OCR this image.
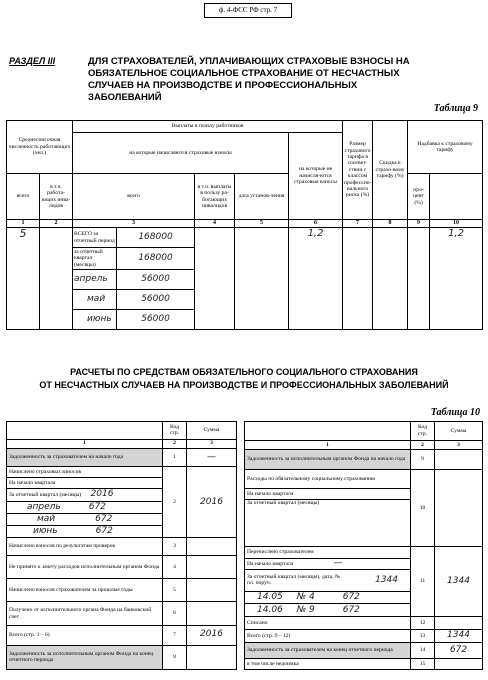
ф. 4-ФСС РФ стр. 7
РАЗДЕЛ III	ДЛЯ СТРАХОВАТЕЛЕЙ, УПЛАЧИВАЮЩИХ СТРАХОВЫЕ ВЗНОСЫ НА ОБЯЗАТЕЛЬНОЕ СОЦИАЛЬНОЕ СТРАХОВАНИЕ ОТ НЕСЧАСТНЫХ СЛУЧАЕВ НА ПРОИЗВОДСТВЕ И ПРОФЕССИОНАЛЬНЫХ ЗАБОЛЕВАНИЙ
Таблица 9
Среднесписочная численность работающих (чел.)		Выплаты в пользу работников					Размер страхового тарифа в соответ-ствии с классом профессио-нального риска (%)	Скидка к страхо-вому тарифу (%)	Надбавка к страховому тарифу	

		на которые начисляются страховые взносы				на которые не начисля-ются страховые взносы					
всего	в т.ч. работа-ющих инва-лидов	всего		в т.ч. выплаты в пользу ра-ботающих инвалидов	дата установ-ления				про-цент (%)		
1	2	3		4	5	6	7	8	9	10	
5		ВСЕГО за отчетный период	168000			1,2				1,2	
		за отчетный квартал (месяцы)	168000								
		апрель	56000								
		май	56000								
		июнь	56000								
РАСЧЕТЫ ПО СРЕДСТВАМ ОБЯЗАТЕЛЬНОГО СОЦИАЛЬНОГО СТРАХОВАНИЯ
ОТ НЕСЧАСТНЫХ СЛУЧАЕВ НА ПРОИЗВОДСТВЕ И ПРОФЕССИОНАЛЬНЫХ ЗАБОЛЕВАНИЙ
Таблица 10
	Код стр.	Сумма
1	2	3
Задолженность за страхователем на начало года	1	—
Начислено страховых взносов	2	2016
На начало квартала		
За отчетный квартал (месяцы) 2016		
апрель 672		
май 672		
июнь 672		
Начислено взносов по результатам проверок	3	
Не принято к зачету расходов исполнительным органом Фонда	4	
Начислено взносов страхователем за прошлые годы	5	
Получено от исполнительного органа Фонда на банковский счет	6	
Всего (стр. 1 – 6)	7	2016
Задолженность за исполнительным органом Фонда на конец отчетного периода	8	
	Код стр.	Сумма
1	2	3
Задолженность за исполнительным органом Фонда на начало года	9	
Расходы по обязательному социальному страхованию	10	
На начало квартала		
За отчетный квартал (месяцы)		
Перечислено страхователем	11	1344
На начало квартала —		

За отчетный квартал (месяцы), дата, № пл. поруч. 1344		

14.05 № 4 672		
14.06 № 9 672		
Списано	12	
Всего (стр. 9 – 12)	13	1344
Задолженность за страхователем на конец отчетного периода	14	672
в том числе недоимка	15	
